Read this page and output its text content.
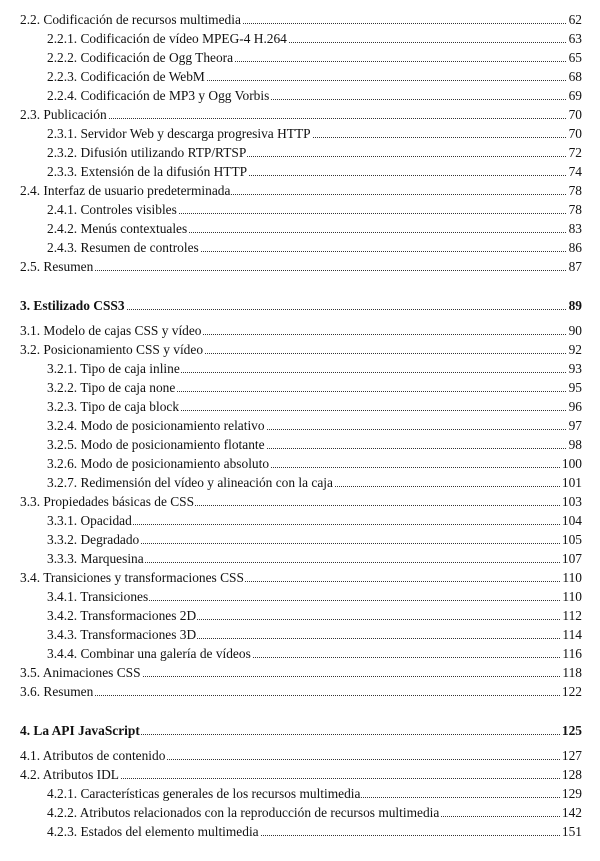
2.2. Codificación de recursos multimedia	62
2.2.1. Codificación de vídeo MPEG-4 H.264	63
2.2.2. Codificación de Ogg Theora	65
2.2.3. Codificación de WebM	68
2.2.4. Codificación de MP3 y Ogg Vorbis	69
2.3. Publicación	70
2.3.1. Servidor Web y descarga progresiva HTTP	70
2.3.2. Difusión utilizando RTP/RTSP	72
2.3.3. Extensión de la difusión HTTP	74
2.4. Interfaz de usuario predeterminada	78
2.4.1. Controles visibles	78
2.4.2. Menús contextuales	83
2.4.3. Resumen de controles	86
2.5. Resumen	87
3. Estilizado CSS3	89
3.1. Modelo de cajas CSS y vídeo	90
3.2. Posicionamiento CSS y vídeo	92
3.2.1. Tipo de caja inline	93
3.2.2. Tipo de caja none	95
3.2.3. Tipo de caja block	96
3.2.4. Modo de posicionamiento relativo	97
3.2.5. Modo de posicionamiento flotante	98
3.2.6. Modo de posicionamiento absoluto	100
3.2.7. Redimensión del vídeo y alineación con la caja	101
3.3. Propiedades básicas de CSS	103
3.3.1. Opacidad	104
3.3.2. Degradado	105
3.3.3. Marquesina	107
3.4. Transiciones y transformaciones CSS	110
3.4.1. Transiciones	110
3.4.2. Transformaciones 2D	112
3.4.3. Transformaciones 3D	114
3.4.4. Combinar una galería de vídeos	116
3.5. Animaciones CSS	118
3.6. Resumen	122
4. La API JavaScript	125
4.1. Atributos de contenido	127
4.2. Atributos IDL	128
4.2.1. Características generales de los recursos multimedia	129
4.2.2. Atributos relacionados con la reproducción de recursos multimedia	142
4.2.3. Estados del elemento multimedia	151
